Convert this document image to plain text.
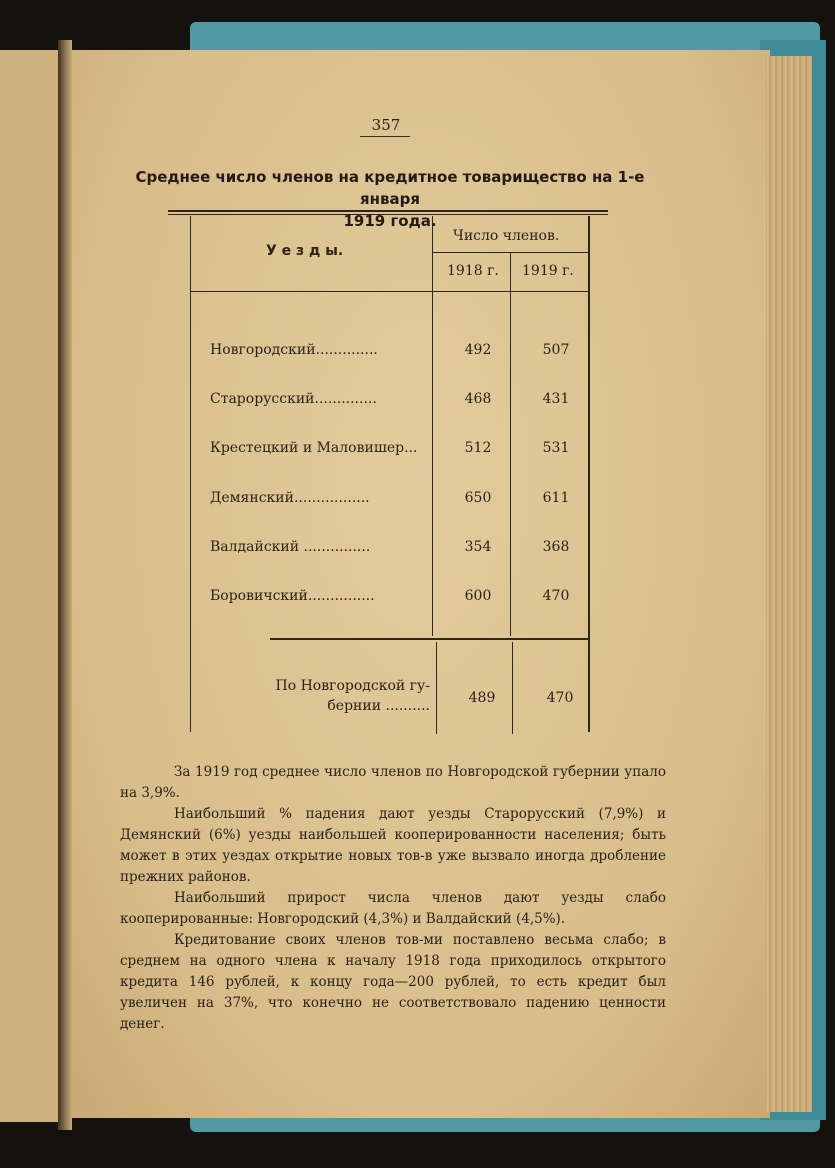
357
Среднее число членов на кредитное товарищество на 1-е января
1919 года.
У е з д ы.
Число членов.
1918 г. 1919 г.
Новгородский..............	492	507
Старорусский..............	468	431
Крестецкий и Маловишер...	512	531
Демянский.................	650	611
Валдайский ...............	354	368
Боровичский...............	600	470
По Новгородской гу-
бернии ..........	489	470

За 1919 год среднее число членов по Новгородской губернии упало на 3,9%.

Наибольший % падения дают уезды Старорусский (7,9%) и Демянский (6%) уезды наибольшей кооперированности населения; быть может в этих уездах открытие новых тов-в уже вызвало иногда дробление прежних районов.

Наибольший прирост числа членов дают уезды слабо кооперированные: Новгородский (4,3%) и Валдайский (4,5%).

Кредитование своих членов тов-ми поставлено весьма слабо; в среднем на одного члена к началу 1918 года приходилось открытого кредита 146 рублей, к концу года—200 рублей, то есть кредит был увеличен на 37%, что конечно не соответствовало падению ценности денег.
